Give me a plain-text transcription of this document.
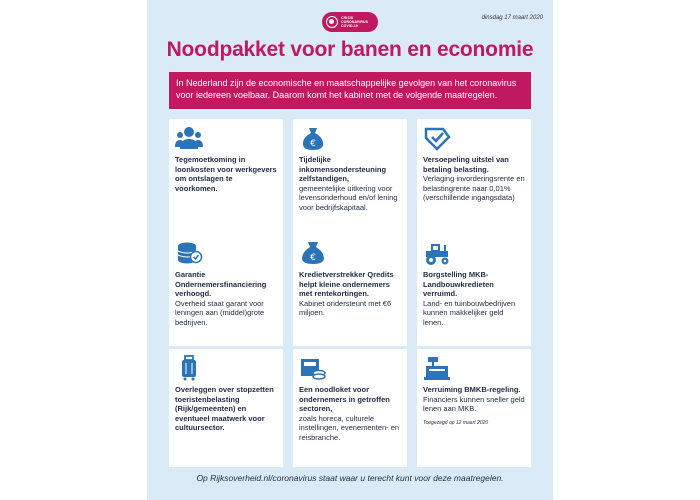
CRISIS CORONAVIRUS COVID-19
dinsdag 17 maart 2020
Noodpakket voor banen en economie
In Nederland zijn de economische en maatschappelijke gevolgen van het coronavirus voor iedereen voelbaar. Daarom komt het kabinet met de volgende maatregelen.
Tegemoetkoming in loonkosten voor werkgevers om ontslagen te voorkomen.
€
Tijdelijke inkomensondersteuning zelfstandigen,
gemeentelijke uitkering voor levensonderhoud en/of lening voor bedrijfskapitaal.
Versoepeling uitstel van betaling belasting.
Verlaging invorderingsrente en belastingrente naar 0,01% (verschillende ingangsdata)
Garantie Ondernemersfinanciering verhoogd.
Overheid staat garant voor leningen aan (middel)grote bedrijven.
€
Kredietverstrekker Qredits helpt kleine ondernemers met rentekortingen.
Kabinet ondersteunt met €6 miljoen.
Borgstelling MKB-Landbouwkredieten verruimd.
Land- en tuinbouwbedrijven kunnen makkelijker geld lenen.
Overleggen over stopzetten toeristenbelasting (Rijk/gemeenten) en eventueel maatwerk voor cultuursector.
Een noodloket voor ondernemers in getroffen sectoren,
zoals horeca, culturele instellingen, evenementen- en reisbranche.
Verruiming BMKB-regeling.
Financiers kunnen sneller geld lenen aan MKB.
Toegezegd op 12 maart 2020
Op Rijksoverheid.nl/coronavirus staat waar u terecht kunt voor deze maatregelen.
